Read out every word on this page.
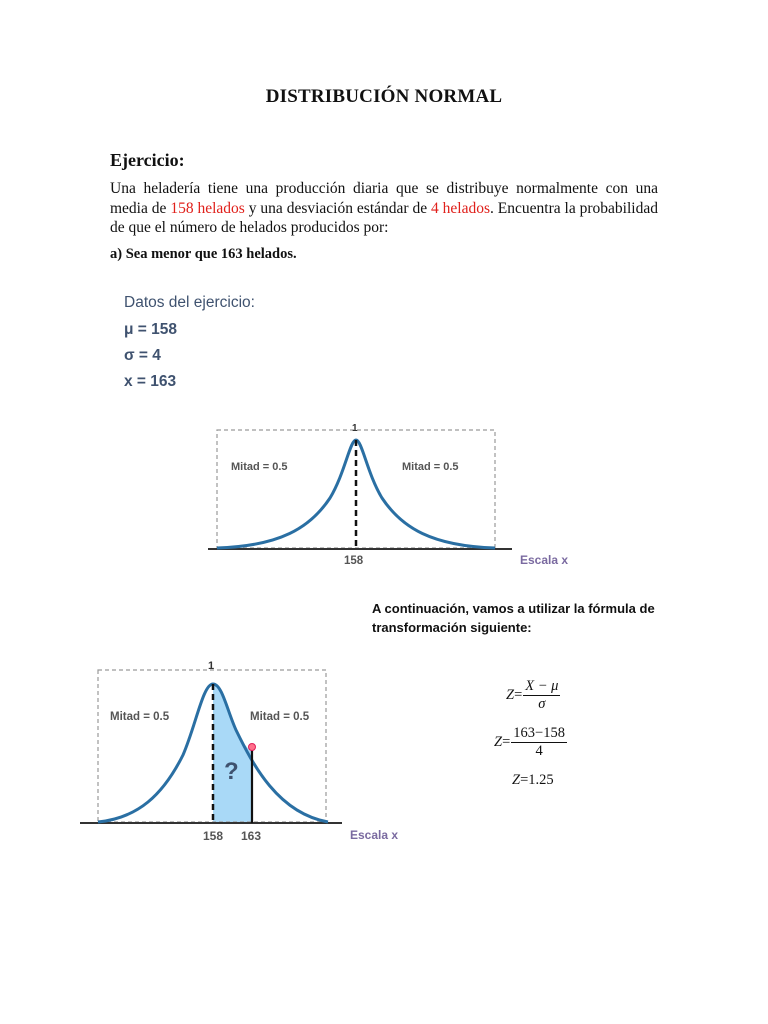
DISTRIBUCIÓN NORMAL
Ejercicio:
Una heladería tiene una producción diaria que se distribuye normalmente con una media de 158 helados y una desviación estándar de 4 helados. Encuentra la probabilidad de que el número de helados producidos por:
a) Sea menor que 163 helados.
Datos del ejercicio:
μ = 158
σ = 4
x = 163
1
Mitad = 0.5	Mitad = 0.5
158	Escala x
A continuación, vamos a utilizar la fórmula de transformación siguiente:
1
Mitad = 0.5	Mitad = 0.5
?
158 163	Escala x
$Z = \frac{X - \mu}{\sigma}$
$Z = \frac{163-158}{4}$
Z = 1.25
